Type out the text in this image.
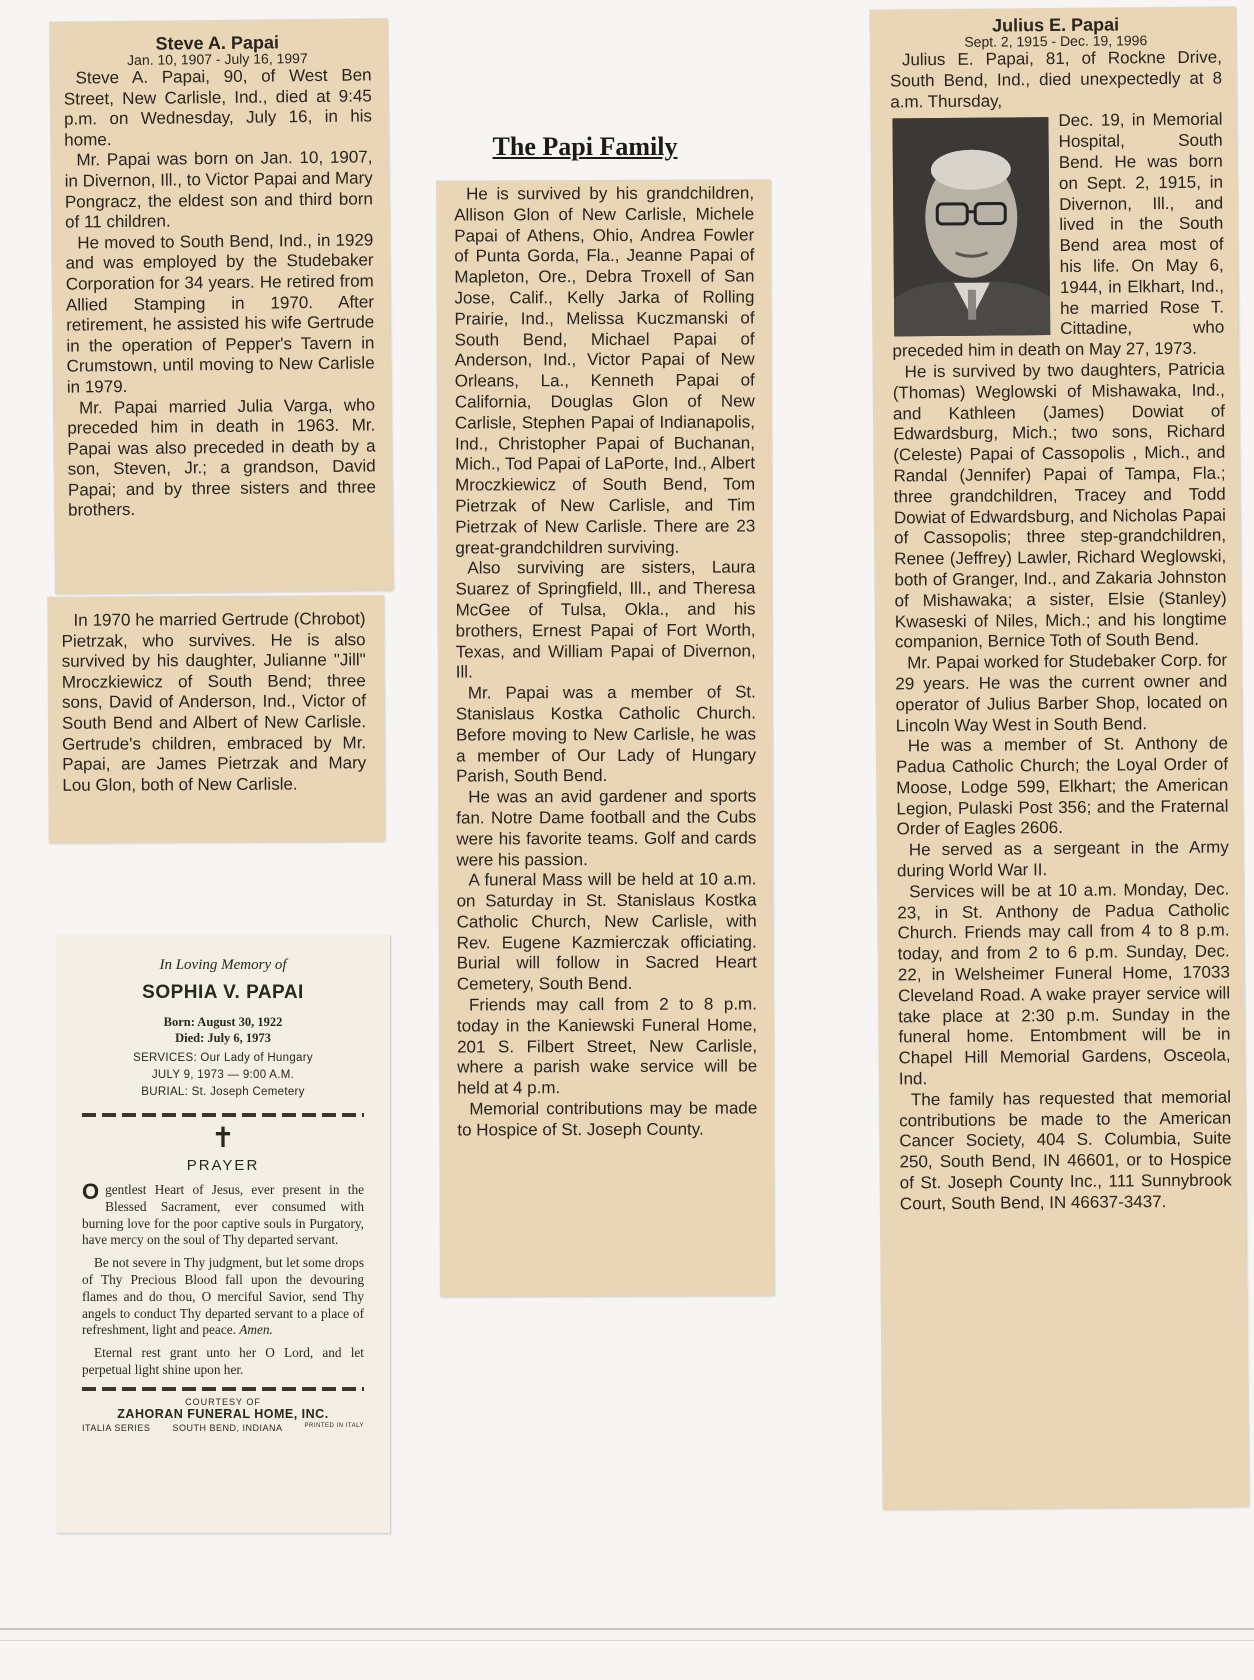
Steve A. Papai
Jan. 10, 1907 - July 16, 1997

Steve A. Papai, 90, of West Ben Street, New Carlisle, Ind., died at 9:45 p.m. on Wednesday, July 16, in his home.

Mr. Papai was born on Jan. 10, 1907, in Divernon, Ill., to Victor Papai and Mary Pongracz, the eldest son and third born of 11 children.

He moved to South Bend, Ind., in 1929 and was employed by the Studebaker Corporation for 34 years. He retired from Allied Stamping in 1970. After retirement, he assisted his wife Gertrude in the operation of Pepper's Tavern in Crumstown, until moving to New Carlisle in 1979.

Mr. Papai married Julia Varga, who preceded him in death in 1963. Mr. Papai was also preceded in death by a son, Steven, Jr.; a grandson, David Papai; and by three sisters and three brothers.

In 1970 he married Gertrude (Chrobot) Pietrzak, who survives. He is also survived by his daughter, Julianne "Jill" Mroczkiewicz of South Bend; three sons, David of Anderson, Ind., Victor of South Bend and Albert of New Carlisle. Gertrude's children, embraced by Mr. Papai, are James Pietrzak and Mary Lou Glon, both of New Carlisle.

The Papi Family

He is survived by his grandchildren, Allison Glon of New Carlisle, Michele Papai of Athens, Ohio, Andrea Fowler of Punta Gorda, Fla., Jeanne Papai of Mapleton, Ore., Debra Troxell of San Jose, Calif., Kelly Jarka of Rolling Prairie, Ind., Melissa Kuczmanski of South Bend, Michael Papai of Anderson, Ind., Victor Papai of New Orleans, La., Kenneth Papai of California, Douglas Glon of New Carlisle, Stephen Papai of Indianapolis, Ind., Christopher Papai of Buchanan, Mich., Tod Papai of LaPorte, Ind., Albert Mroczkiewicz of South Bend, Tom Pietrzak of New Carlisle, and Tim Pietrzak of New Carlisle. There are 23 great-grandchildren surviving.

Also surviving are sisters, Laura Suarez of Springfield, Ill., and Theresa McGee of Tulsa, Okla., and his brothers, Ernest Papai of Fort Worth, Texas, and William Papai of Divernon, Ill.

Mr. Papai was a member of St. Stanislaus Kostka Catholic Church. Before moving to New Carlisle, he was a member of Our Lady of Hungary Parish, South Bend.

He was an avid gardener and sports fan. Notre Dame football and the Cubs were his favorite teams. Golf and cards were his passion.

A funeral Mass will be held at 10 a.m. on Saturday in St. Stanislaus Kostka Catholic Church, New Carlisle, with Rev. Eugene Kazmierczak officiating. Burial will follow in Sacred Heart Cemetery, South Bend.

Friends may call from 2 to 8 p.m. today in the Kaniewski Funeral Home, 201 S. Filbert Street, New Carlisle, where a parish wake service will be held at 4 p.m.

Memorial contributions may be made to Hospice of St. Joseph County.

Julius E. Papai
Sept. 2, 1915 - Dec. 19, 1996

Julius E. Papai, 81, of Rockne Drive, South Bend, Ind., died unexpectedly at 8 a.m. Thursday,

Dec. 19, in Memorial Hospital, South Bend. He was born on Sept. 2, 1915, in Divernon, Ill., and lived in the South Bend area most of his life. On May 6, 1944, in Elkhart, Ind., he married Rose T. Cittadine, who preceded him in death on May 27, 1973.

He is survived by two daughters, Patricia (Thomas) Weglowski of Mishawaka, Ind., and Kathleen (James) Dowiat of Edwardsburg, Mich.; two sons, Richard (Celeste) Papai of Cassopolis , Mich., and Randal (Jennifer) Papai of Tampa, Fla.; three grandchildren, Tracey and Todd Dowiat of Edwardsburg, and Nicholas Papai of Cassopolis; three step-grandchildren, Renee (Jeffrey) Lawler, Richard Weglowski, both of Granger, Ind., and Zakaria Johnston of Mishawaka; a sister, Elsie (Stanley) Kwaseski of Niles, Mich.; and his longtime companion, Bernice Toth of South Bend.

Mr. Papai worked for Studebaker Corp. for 29 years. He was the current owner and operator of Julius Barber Shop, located on Lincoln Way West in South Bend.

He was a member of St. Anthony de Padua Catholic Church; the Loyal Order of Moose, Lodge 599, Elkhart; the American Legion, Pulaski Post 356; and the Fraternal Order of Eagles 2606.

He served as a sergeant in the Army during World War II.

Services will be at 10 a.m. Monday, Dec. 23, in St. Anthony de Padua Catholic Church. Friends may call from 4 to 8 p.m. today, and from 2 to 6 p.m. Sunday, Dec. 22, in Welsheimer Funeral Home, 17033 Cleveland Road. A wake prayer service will take place at 2:30 p.m. Sunday in the funeral home. Entombment will be in Chapel Hill Memorial Gardens, Osceola, Ind.

The family has requested that memorial contributions be made to the American Cancer Society, 404 S. Columbia, Suite 250, South Bend, IN 46601, or to Hospice of St. Joseph County Inc., 111 Sunnybrook Court, South Bend, IN 46637-3437.

In Loving Memory of
SOPHIA V. PAPAI
Born: August 30, 1922
Died: July 6, 1973
SERVICES: Our Lady of Hungary
JULY 9, 1973 — 9:00 A.M.
BURIAL: St. Joseph Cemetery
✝
PRAYER

Ogentlest Heart of Jesus, ever present in the Blessed Sacrament, ever consumed with burning love for the poor captive souls in Purgatory, have mercy on the soul of Thy departed servant.

Be not severe in Thy judgment, but let some drops of Thy Precious Blood fall upon the devouring flames and do thou, O merciful Savior, send Thy angels to conduct Thy departed servant to a place of refreshment, light and peace. Amen.

Eternal rest grant unto her O Lord, and let perpetual light shine upon her.

COURTESY OF
ZAHORAN FUNERAL HOME, INC.
ITALIA SERIES SOUTH BEND, INDIANA	PRINTED IN ITALY
